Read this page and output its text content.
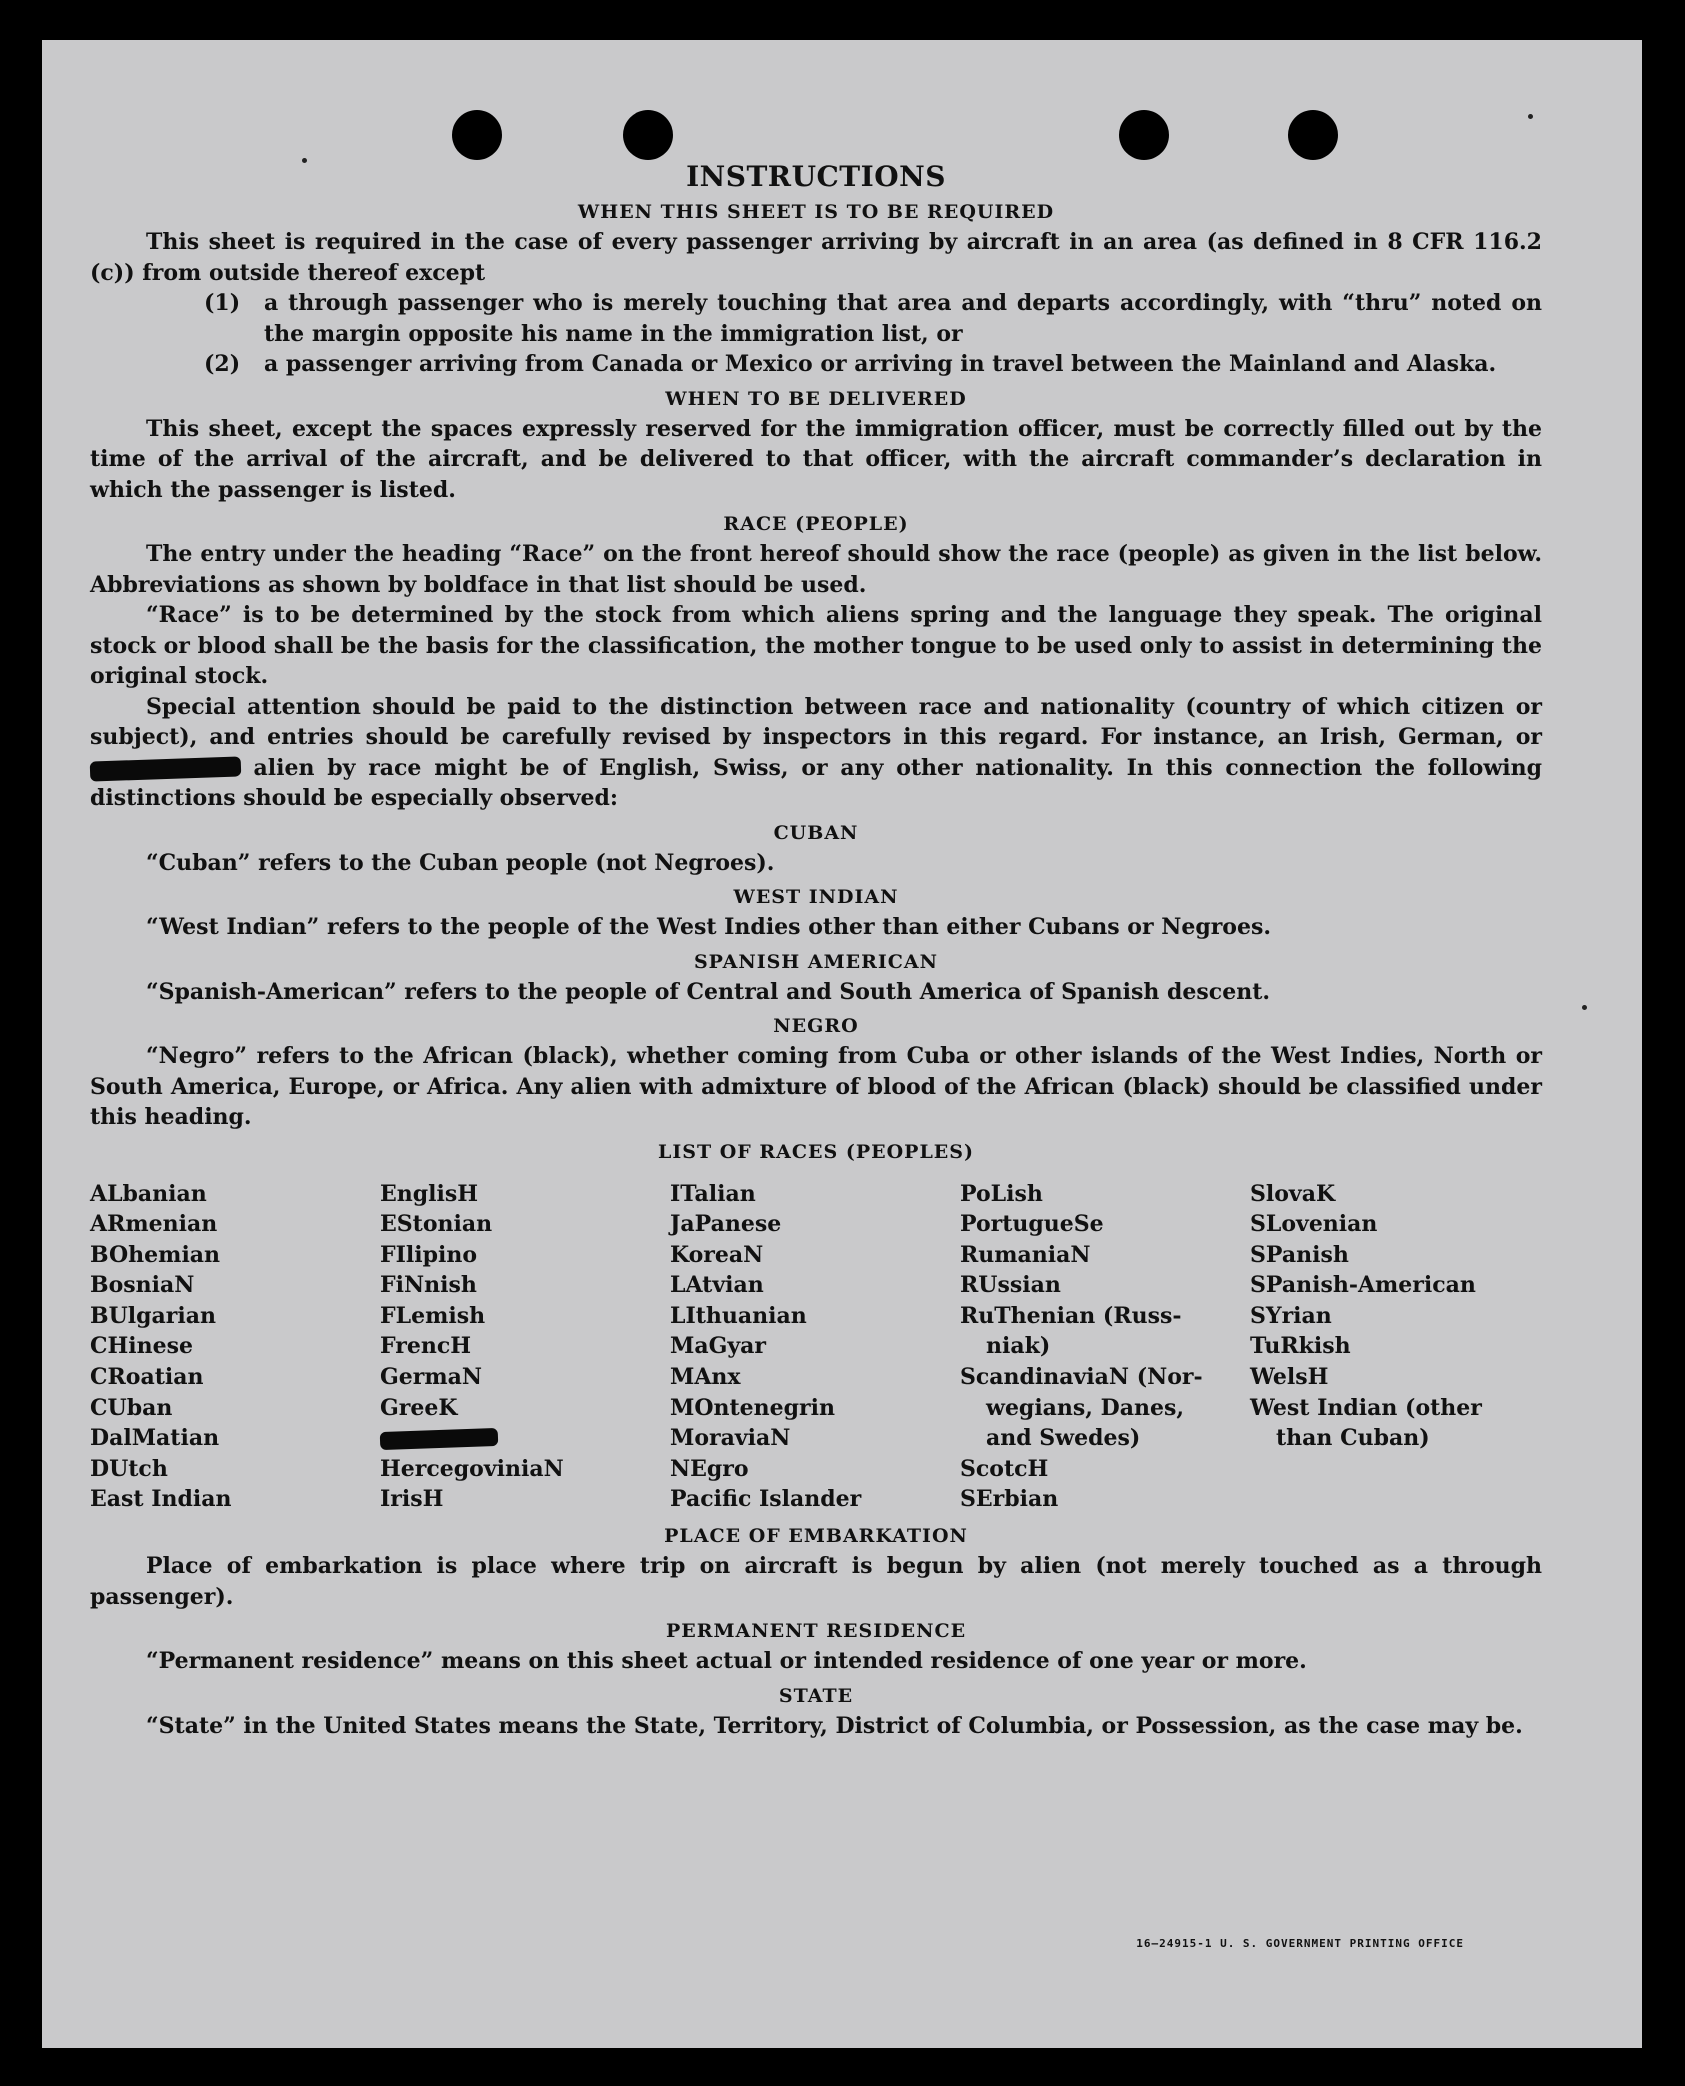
INSTRUCTIONS
WHEN THIS SHEET IS TO BE REQUIRED

This sheet is required in the case of every passenger arriving by aircraft in an area (as defined in 8 CFR 116.2 (c)) from outside thereof except

(1)	a through passenger who is merely touching that area and departs accordingly, with “thru” noted on the margin opposite his name in the immigration list, or
(2)	a passenger arriving from Canada or Mexico or arriving in travel between the Mainland and Alaska.
WHEN TO BE DELIVERED

This sheet, except the spaces expressly reserved for the immigration officer, must be correctly filled out by the time of the arrival of the aircraft, and be delivered to that officer, with the aircraft commander’s declaration in which the passenger is listed.

RACE (PEOPLE)

The entry under the heading “Race” on the front hereof should show the race (people) as given in the list below. Abbreviations as shown by boldface in that list should be used.

“Race” is to be determined by the stock from which aliens spring and the language they speak. The original stock or blood shall be the basis for the classification, the mother tongue to be used only to assist in determining the original stock.

Special attention should be paid to the distinction between race and nationality (country of which citizen or subject), and entries should be carefully revised by inspectors in this regard. For instance, an Irish, German, or  alien by race might be of English, Swiss, or any other nationality. In this connection the following distinctions should be especially observed:

CUBAN

“Cuban” refers to the Cuban people (not Negroes).

WEST INDIAN

“West Indian” refers to the people of the West Indies other than either Cubans or Negroes.

SPANISH AMERICAN

“Spanish-American” refers to the people of Central and South America of Spanish descent.

NEGRO

“Negro” refers to the African (black), whether coming from Cuba or other islands of the West Indies, North or South America, Europe, or Africa. Any alien with admixture of blood of the African (black) should be classified under this heading.

LIST OF RACES (PEOPLES)
ALbanian
ARmenian
BOhemian
BosniaN
BUlgarian
CHinese
CRoatian
CUban
DalMatian
DUtch
East Indian
EnglisH
EStonian
FIlipino
FiNnish
FLemish
FrencH
GermaN
GreeK
HercegoviniaN
IrisH
ITalian
JaPanese
KoreaN
LAtvian
LIthuanian
MaGyar
MAnx
MOntenegrin
MoraviaN
NEgro
Pacific Islander
PoLish
PortugueSe
RumaniaN
RUssian
RuThenian (Russ-
niak)
ScandinaviaN (Nor-
wegians, Danes,
and Swedes)
ScotcH
SErbian
SlovaK
SLovenian
SPanish
SPanish-American
SYrian
TuRkish
WelsH
West Indian (other
than Cuban)
PLACE OF EMBARKATION

Place of embarkation is place where trip on aircraft is begun by alien (not merely touched as a through passenger).

PERMANENT RESIDENCE

“Permanent residence” means on this sheet actual or intended residence of one year or more.

STATE

“State” in the United States means the State, Territory, District of Columbia, or Possession, as the case may be.

16—24915-1 U. S. GOVERNMENT PRINTING OFFICE
